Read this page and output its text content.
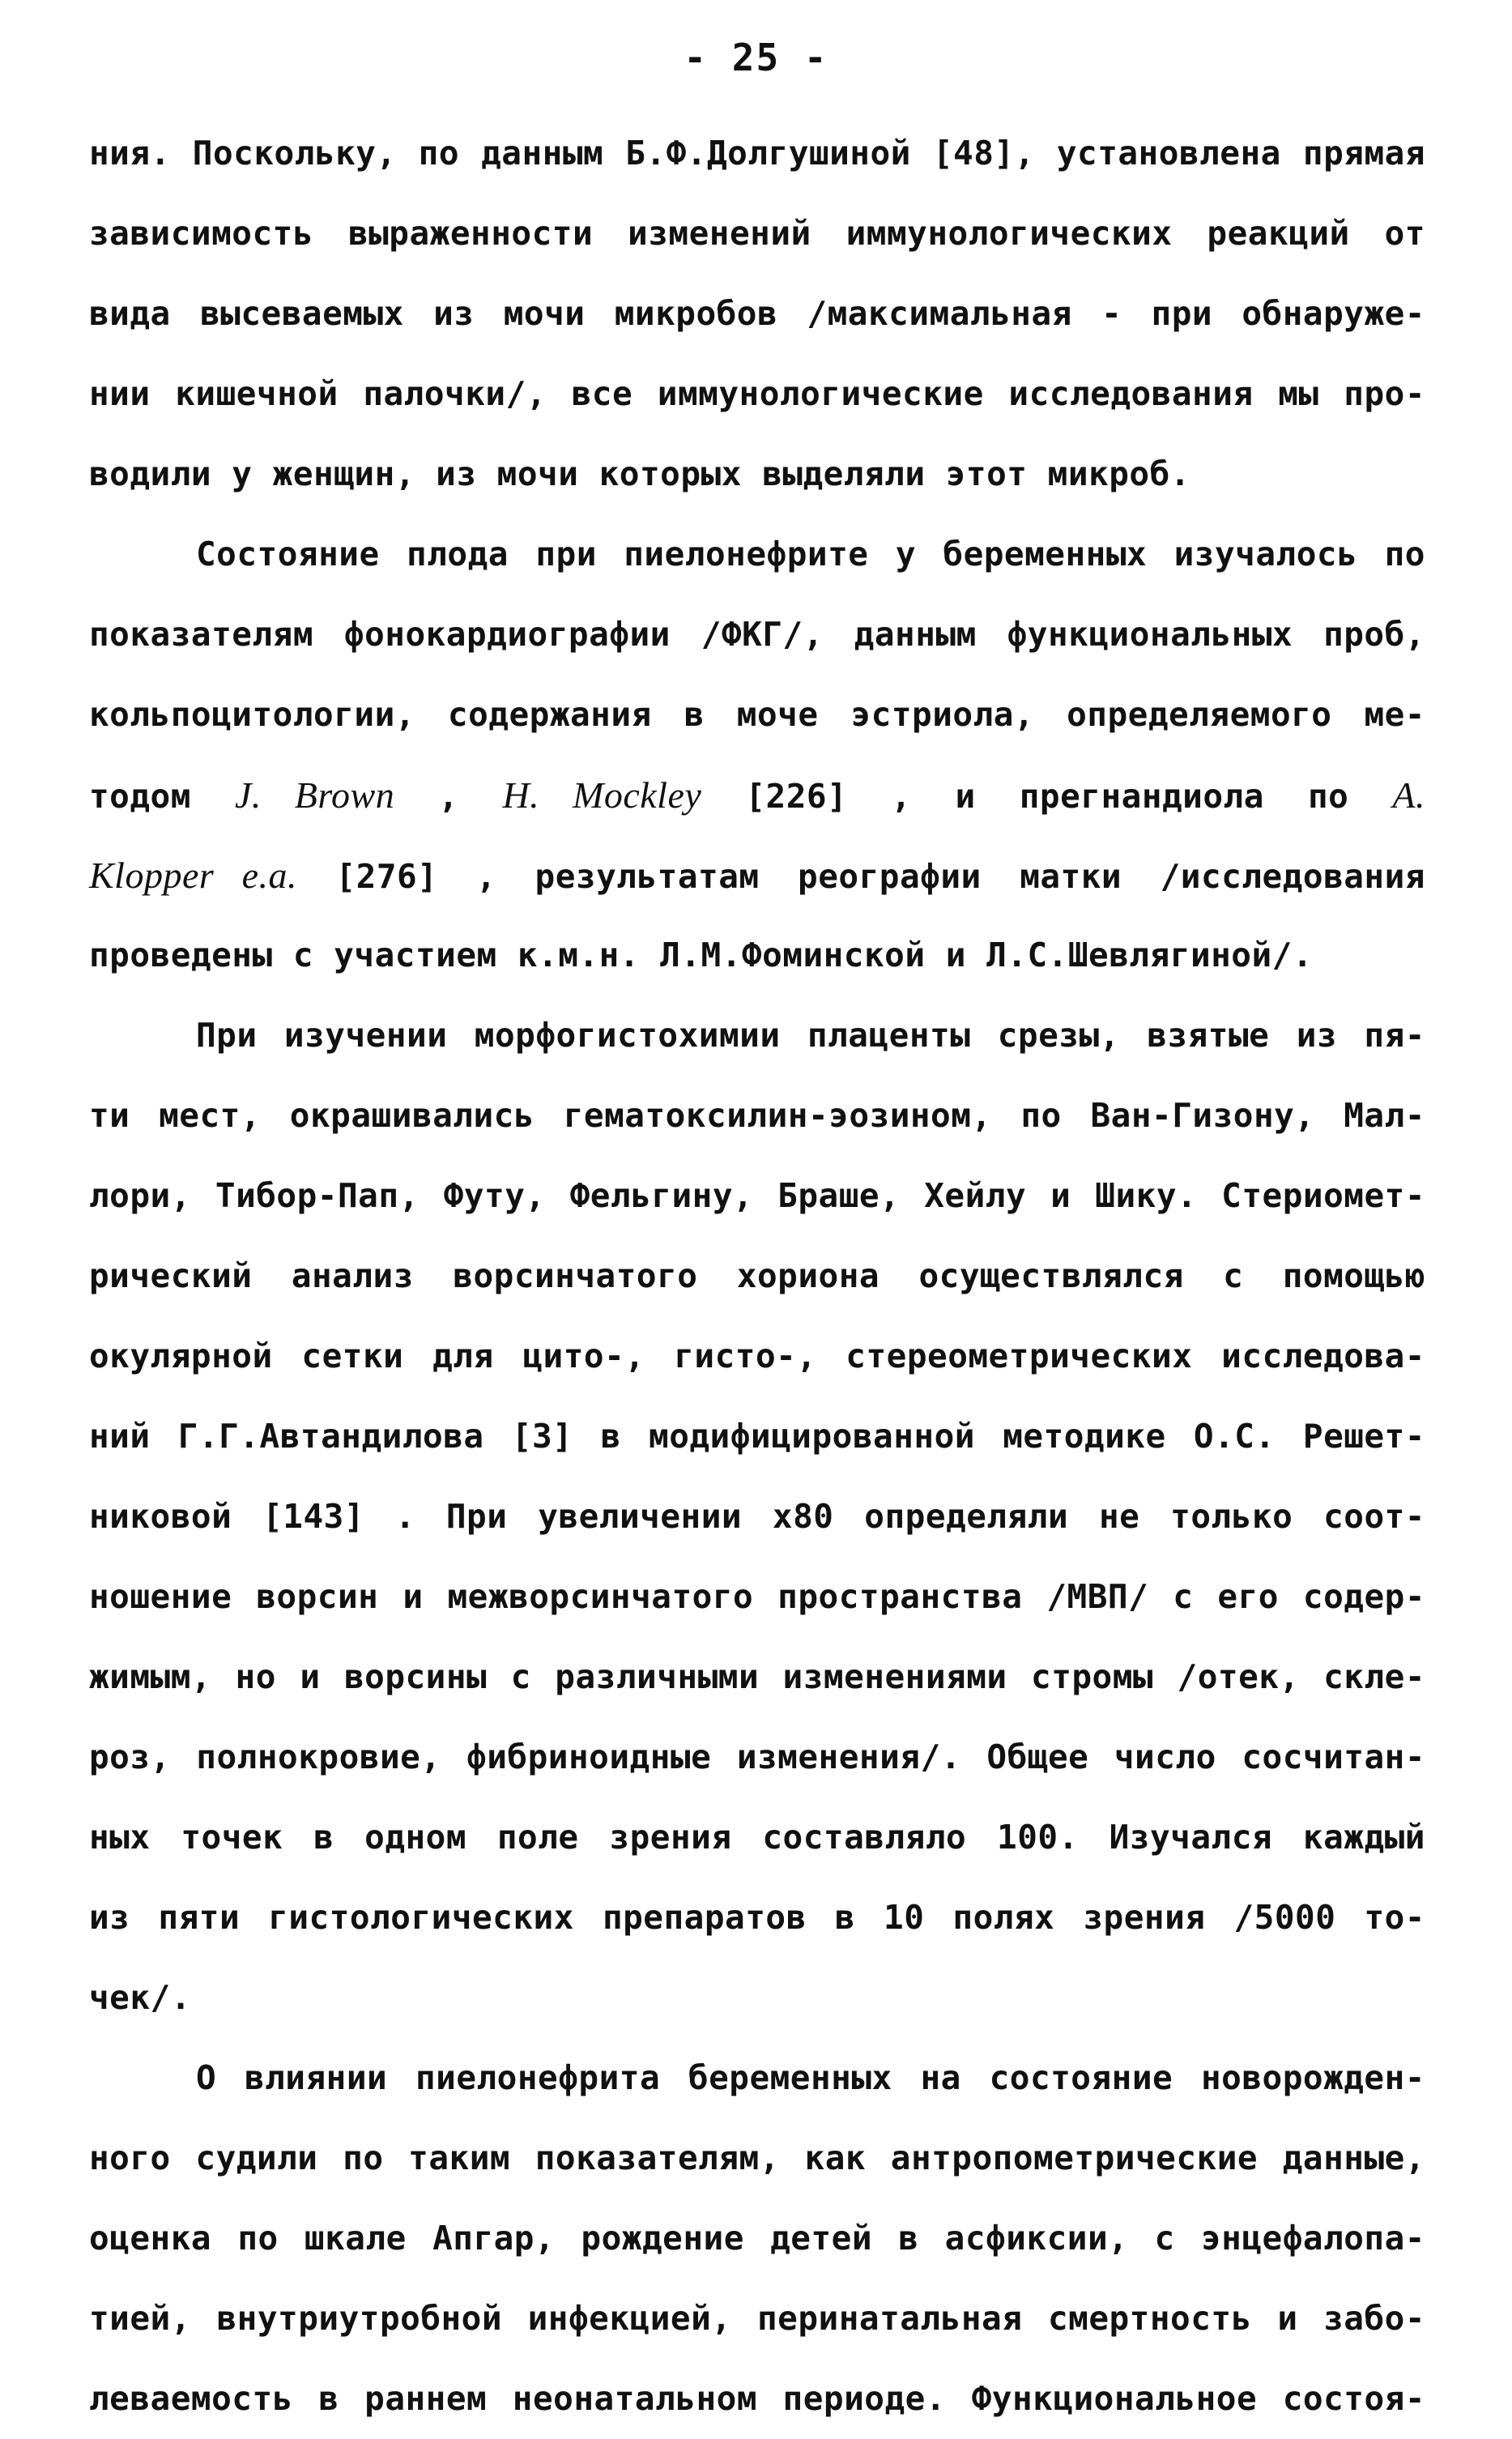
- 25 -
ния. Поскольку, по данным Б.Ф.Долгушиной [48], установлена прямая
зависимость выраженности изменений иммунологических реакций от
вида высеваемых из мочи микробов /максимальная - при обнаруже-
нии кишечной палочки/, все иммунологические исследования мы про-
водили у женщин, из мочи которых выделяли этот микроб.
Состояние плода при пиелонефрите у беременных изучалось по
показателям фонокардиографии /ФКГ/, данным функциональных проб,
кольпоцитологии, содержания в моче эстриола, определяемого ме-
тодом J. Brown , H. Mockley [226] , и прегнандиола по A.
Klopper e.a. [276] , результатам реографии матки /исследования
проведены с участием к.м.н. Л.М.Фоминской и Л.С.Шевлягиной/.
При изучении морфогистохимии плаценты срезы, взятые из пя-
ти мест, окрашивались гематоксилин-эозином, по Ван-Гизону, Мал-
лори, Тибор-Пап, Футу, Фельгину, Браше, Хейлу и Шику. Стериомет-
рический анализ ворсинчатого хориона осуществлялся с помощью
окулярной сетки для цито-, гисто-, стереометрических исследова-
ний Г.Г.Автандилова [3] в модифицированной методике О.С. Решет-
никовой [143] . При увеличении х80 определяли не только соот-
ношение ворсин и межворсинчатого пространства /МВП/ с его содер-
жимым, но и ворсины с различными изменениями стромы /отек, скле-
роз, полнокровие, фибриноидные изменения/. Общее число сосчитан-
ных точек в одном поле зрения составляло 100. Изучался каждый
из пяти гистологических препаратов в 10 полях зрения /5000 то-
чек/.
О влиянии пиелонефрита беременных на состояние новорожден-
ного судили по таким показателям, как антропометрические данные,
оценка по шкале Апгар, рождение детей в асфиксии, с энцефалопа-
тией, внутриутробной инфекцией, перинатальная смертность и забо-
леваемость в раннем неонатальном периоде. Функциональное состоя-
